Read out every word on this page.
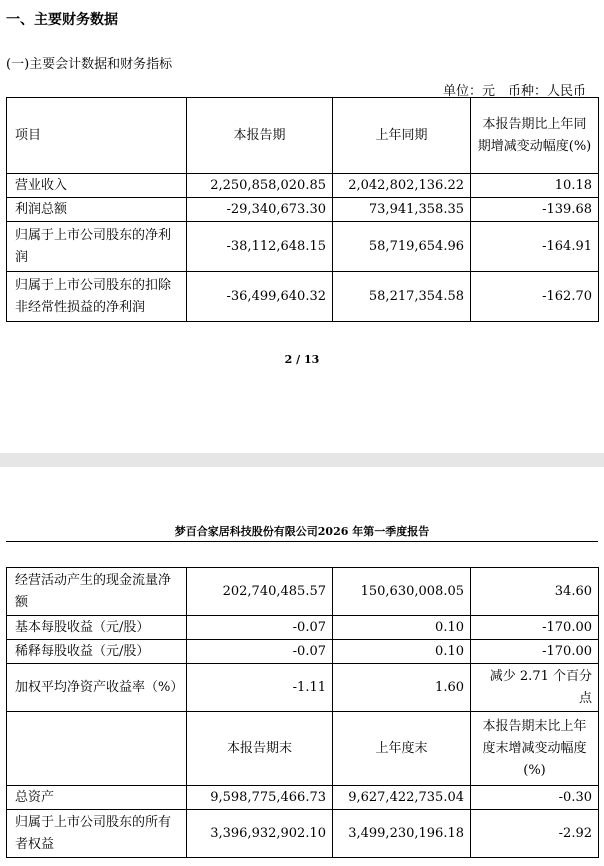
一、主要财务数据
(一)主要会计数据和财务指标
单位：元　币种：人民币
项目	本报告期	上年同期	本报告期比上年同期增减变动幅度(%)
营业收入	2,250,858,020.85	2,042,802,136.22	10.18
利润总额	-29,340,673.30	73,941,358.35	-139.68
归属于上市公司股东的净利润	-38,112,648.15	58,719,654.96	-164.91
归属于上市公司股东的扣除非经常性损益的净利润	-36,499,640.32	58,217,354.58	-162.70
2 / 13
梦百合家居科技股份有限公司2026 年第一季度报告
经营活动产生的现金流量净额	202,740,485.57	150,630,008.05	34.60
基本每股收益（元/股）	-0.07	0.10	-170.00
稀释每股收益（元/股）	-0.07	0.10	-170.00
加权平均净资产收益率（%）	-1.11	1.60	减少 2.71 个百分点
	本报告期末	上年度末	本报告期末比上年度末增减变动幅度(%)
总资产	9,598,775,466.73	9,627,422,735.04	-0.30
归属于上市公司股东的所有者权益	3,396,932,902.10	3,499,230,196.18	-2.92
